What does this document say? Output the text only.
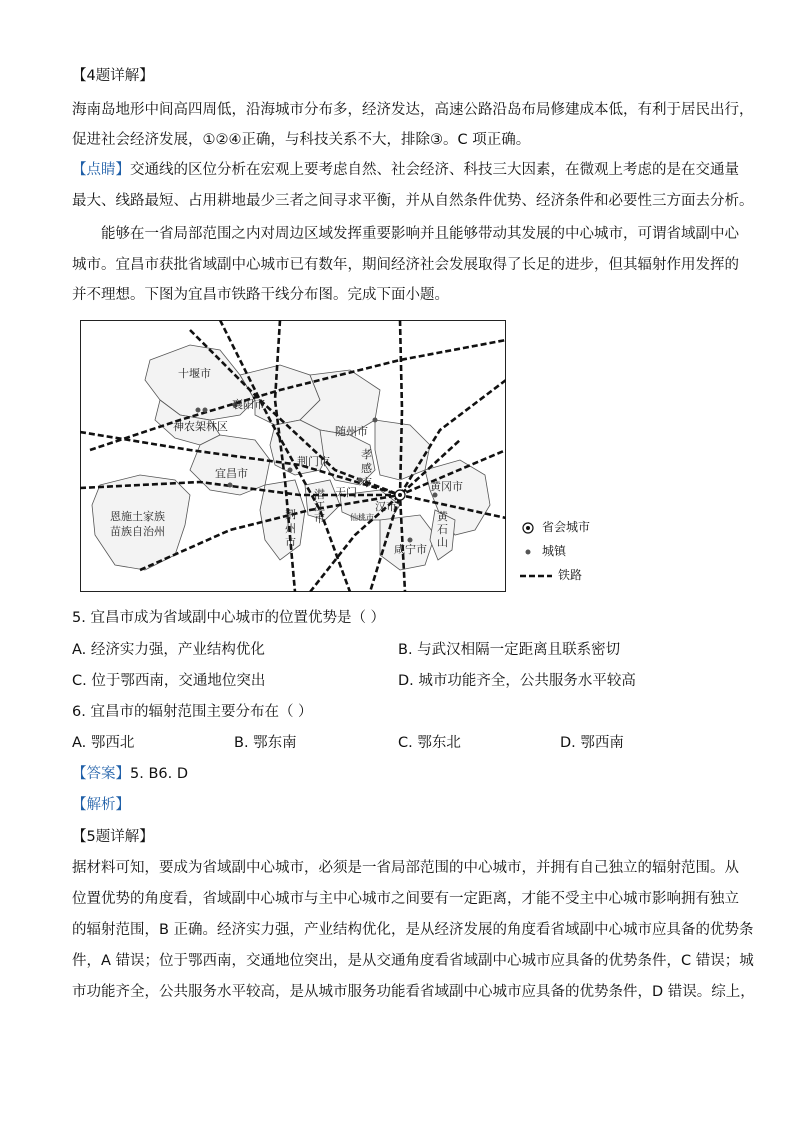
【4题详解】
海南岛地形中间高四周低，沿海城市分布多，经济发达，高速公路沿岛布局修建成本低，有利于居民出行，
促进社会经济发展，①②④正确，与科技关系不大，排除③。C 项正确。
【点睛】交通线的区位分析在宏观上要考虑自然、社会经济、科技三大因素，在微观上考虑的是在交通量
最大、线路最短、占用耕地最少三者之间寻求平衡，并从自然条件优势、经济条件和必要性三方面去分析。
能够在一省局部范围之内对周边区域发挥重要影响并且能够带动其发展的中心城市，可谓省域副中心
城市。宜昌市获批省域副中心城市已有数年，期间经济社会发展取得了长足的进步，但其辐射作用发挥的
并不理想。下图为宜昌市铁路干线分布图。完成下面小题。
十堰市
襄阳市
神农架林区	随州市
宜昌市
荆门市
孝
感
市
恩施土家族
苗族自治州
黄冈市
黄
石
山
咸宁市
荆
州
市
潜
江
市
天门
汉市
仙桃市
省会城市
城镇
铁路
5. 宜昌市成为省域副中心城市的位置优势是（ ）
A. 经济实力强，产业结构优化	B. 与武汉相隔一定距离且联系密切
C. 位于鄂西南，交通地位突出	D. 城市功能齐全，公共服务水平较高
6. 宜昌市的辐射范围主要分布在（ ）
A. 鄂西北	B. 鄂东南	C. 鄂东北	D. 鄂西南
【答案】5. B6. D
【解析】
【5题详解】
据材料可知，要成为省域副中心城市，必须是一省局部范围的中心城市，并拥有自己独立的辐射范围。从
位置优势的角度看，省域副中心城市与主中心城市之间要有一定距离，才能不受主中心城市影响拥有独立
的辐射范围，B 正确。经济实力强，产业结构优化，是从经济发展的角度看省域副中心城市应具备的优势条
件，A 错误；位于鄂西南，交通地位突出，是从交通角度看省域副中心城市应具备的优势条件，C 错误；城
市功能齐全，公共服务水平较高，是从城市服务功能看省域副中心城市应具备的优势条件，D 错误。综上，
